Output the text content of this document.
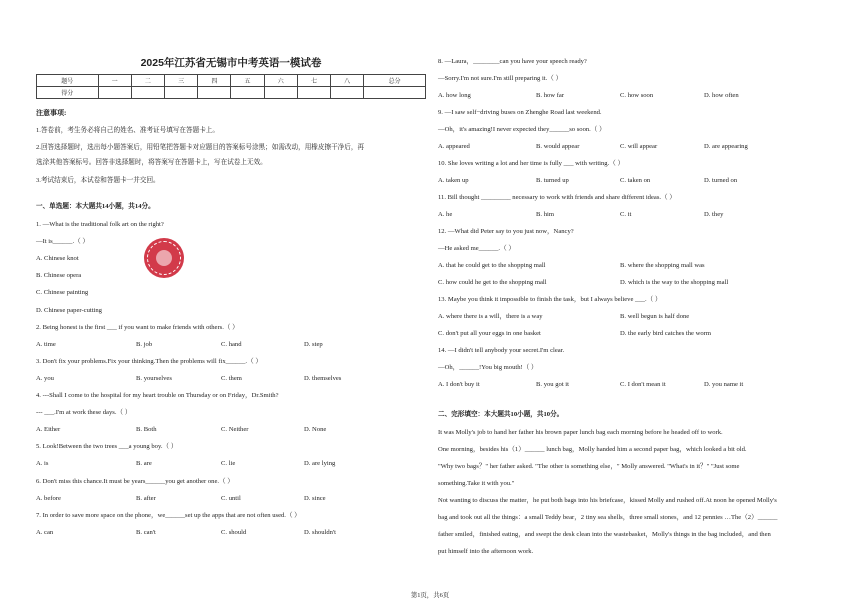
2025年江苏省无锡市中考英语一模试卷
题号	一	二	三	四	五	六	七	八	总分
得分									
注意事项:
1.答卷前，考生务必将自己的姓名、准考证号填写在答题卡上。
2.回答选择题时，选出每小题答案后，用铅笔把答题卡对应题目的答案标号涂黑；如需改动，用橡皮擦干净后，再
选涂其他答案标号。回答非选择题时，将答案写在答题卡上，写在试卷上无效。
3.考试结束后，本试卷和答题卡一并交回。
一、单选题：本大题共14小题，共14分。
1. —What is the traditional folk art on the right?
—It is______.（ ）
A. Chinese knot
B. Chinese opera
C. Chinese painting
D. Chinese paper-cutting
2. Being honest is the first ___ if you want to make friends with others.（ ）
A. time	B. job	C. hand	D. step
3. Don't fix your problems.Fix your thinking.Then the problems will fix______.（ ）
A. you	B. yourselves	C. them	D. themselves
4. ---Shall I come to the hospital for my heart trouble on Thursday or on Friday，Dr.Smith?
--- ___.I'm at work these days.（ ）
A. Either	B. Both	C. Neither	D. None
5. Look!Between the two trees ___a young boy.（ ）
A. is	B. are	C. lie	D. are lying
6. Don't miss this chance.It must be years______you get another one.（ ）
A. before	B. after	C. until	D. since
7. In order to save more space on the phone，we______set up the apps that are not often used.（ ）
A. can	B. can't	C. should	D. shouldn't
8. —Laura，________can you have your speech ready?
—Sorry.I'm not sure.I'm still preparing it.（ ）
A. how long	B. how far	C. how soon	D. how often
9. —I saw self−driving buses on Zhenghe Road last weekend.
—Oh，it's amazing!I never expected they______so soon.（ ）
A. appeared	B. would appear	C. will appear	D. are appearing
10. She loves writing a lot and her time is fully ___ with writing.（ ）
A. taken up	B. turned up	C. taken on	D. turned on
11. Bill thought _________ necessary to work with friends and share different ideas.（ ）
A. he	B. him	C. it	D. they
12. —What did Peter say to you just now，Nancy?
—He asked me______.（ ）
A. that he could get to the shopping mall	B. where the shopping mall was
C. how could he get to the shopping mall	D. which is the way to the shopping mall
13. Maybe you think it impossible to finish the task，but I always believe ___.（ ）
A. where there is a will，there is a way	B. well begun is half done
C. don't put all your eggs in one basket	D. the early bird catches the worm
14. —I didn't tell anybody your secret.I'm clear.
—Oh，______!You big mouth!（ ）
A. I don't buy it	B. you got it	C. I don't mean it	D. you name it
二、完形填空：本大题共10小题，共10分。
It was Molly's job to hand her father his brown paper lunch bag each morning before he headed off to work.
One morning，besides his（1）______ lunch bag，Molly handed him a second paper bag，which looked a bit old.
"Why two bags？" her father asked. "The other is something else，" Molly answered. "What's in it？" "Just some
something.Take it with you."
Not wanting to discuss the matter，he put both bags into his briefcase，kissed Molly and rushed off.At noon he opened Molly's
bag and took out all the things：a small Teddy bear，2 tiny sea shells，three small stones，and 12 pennies …The（2）______
father smiled，finished eating，and swept the desk clean into the wastebasket，Molly's things in the bag included，and then
put himself into the afternoon work.
第1页，共6页
